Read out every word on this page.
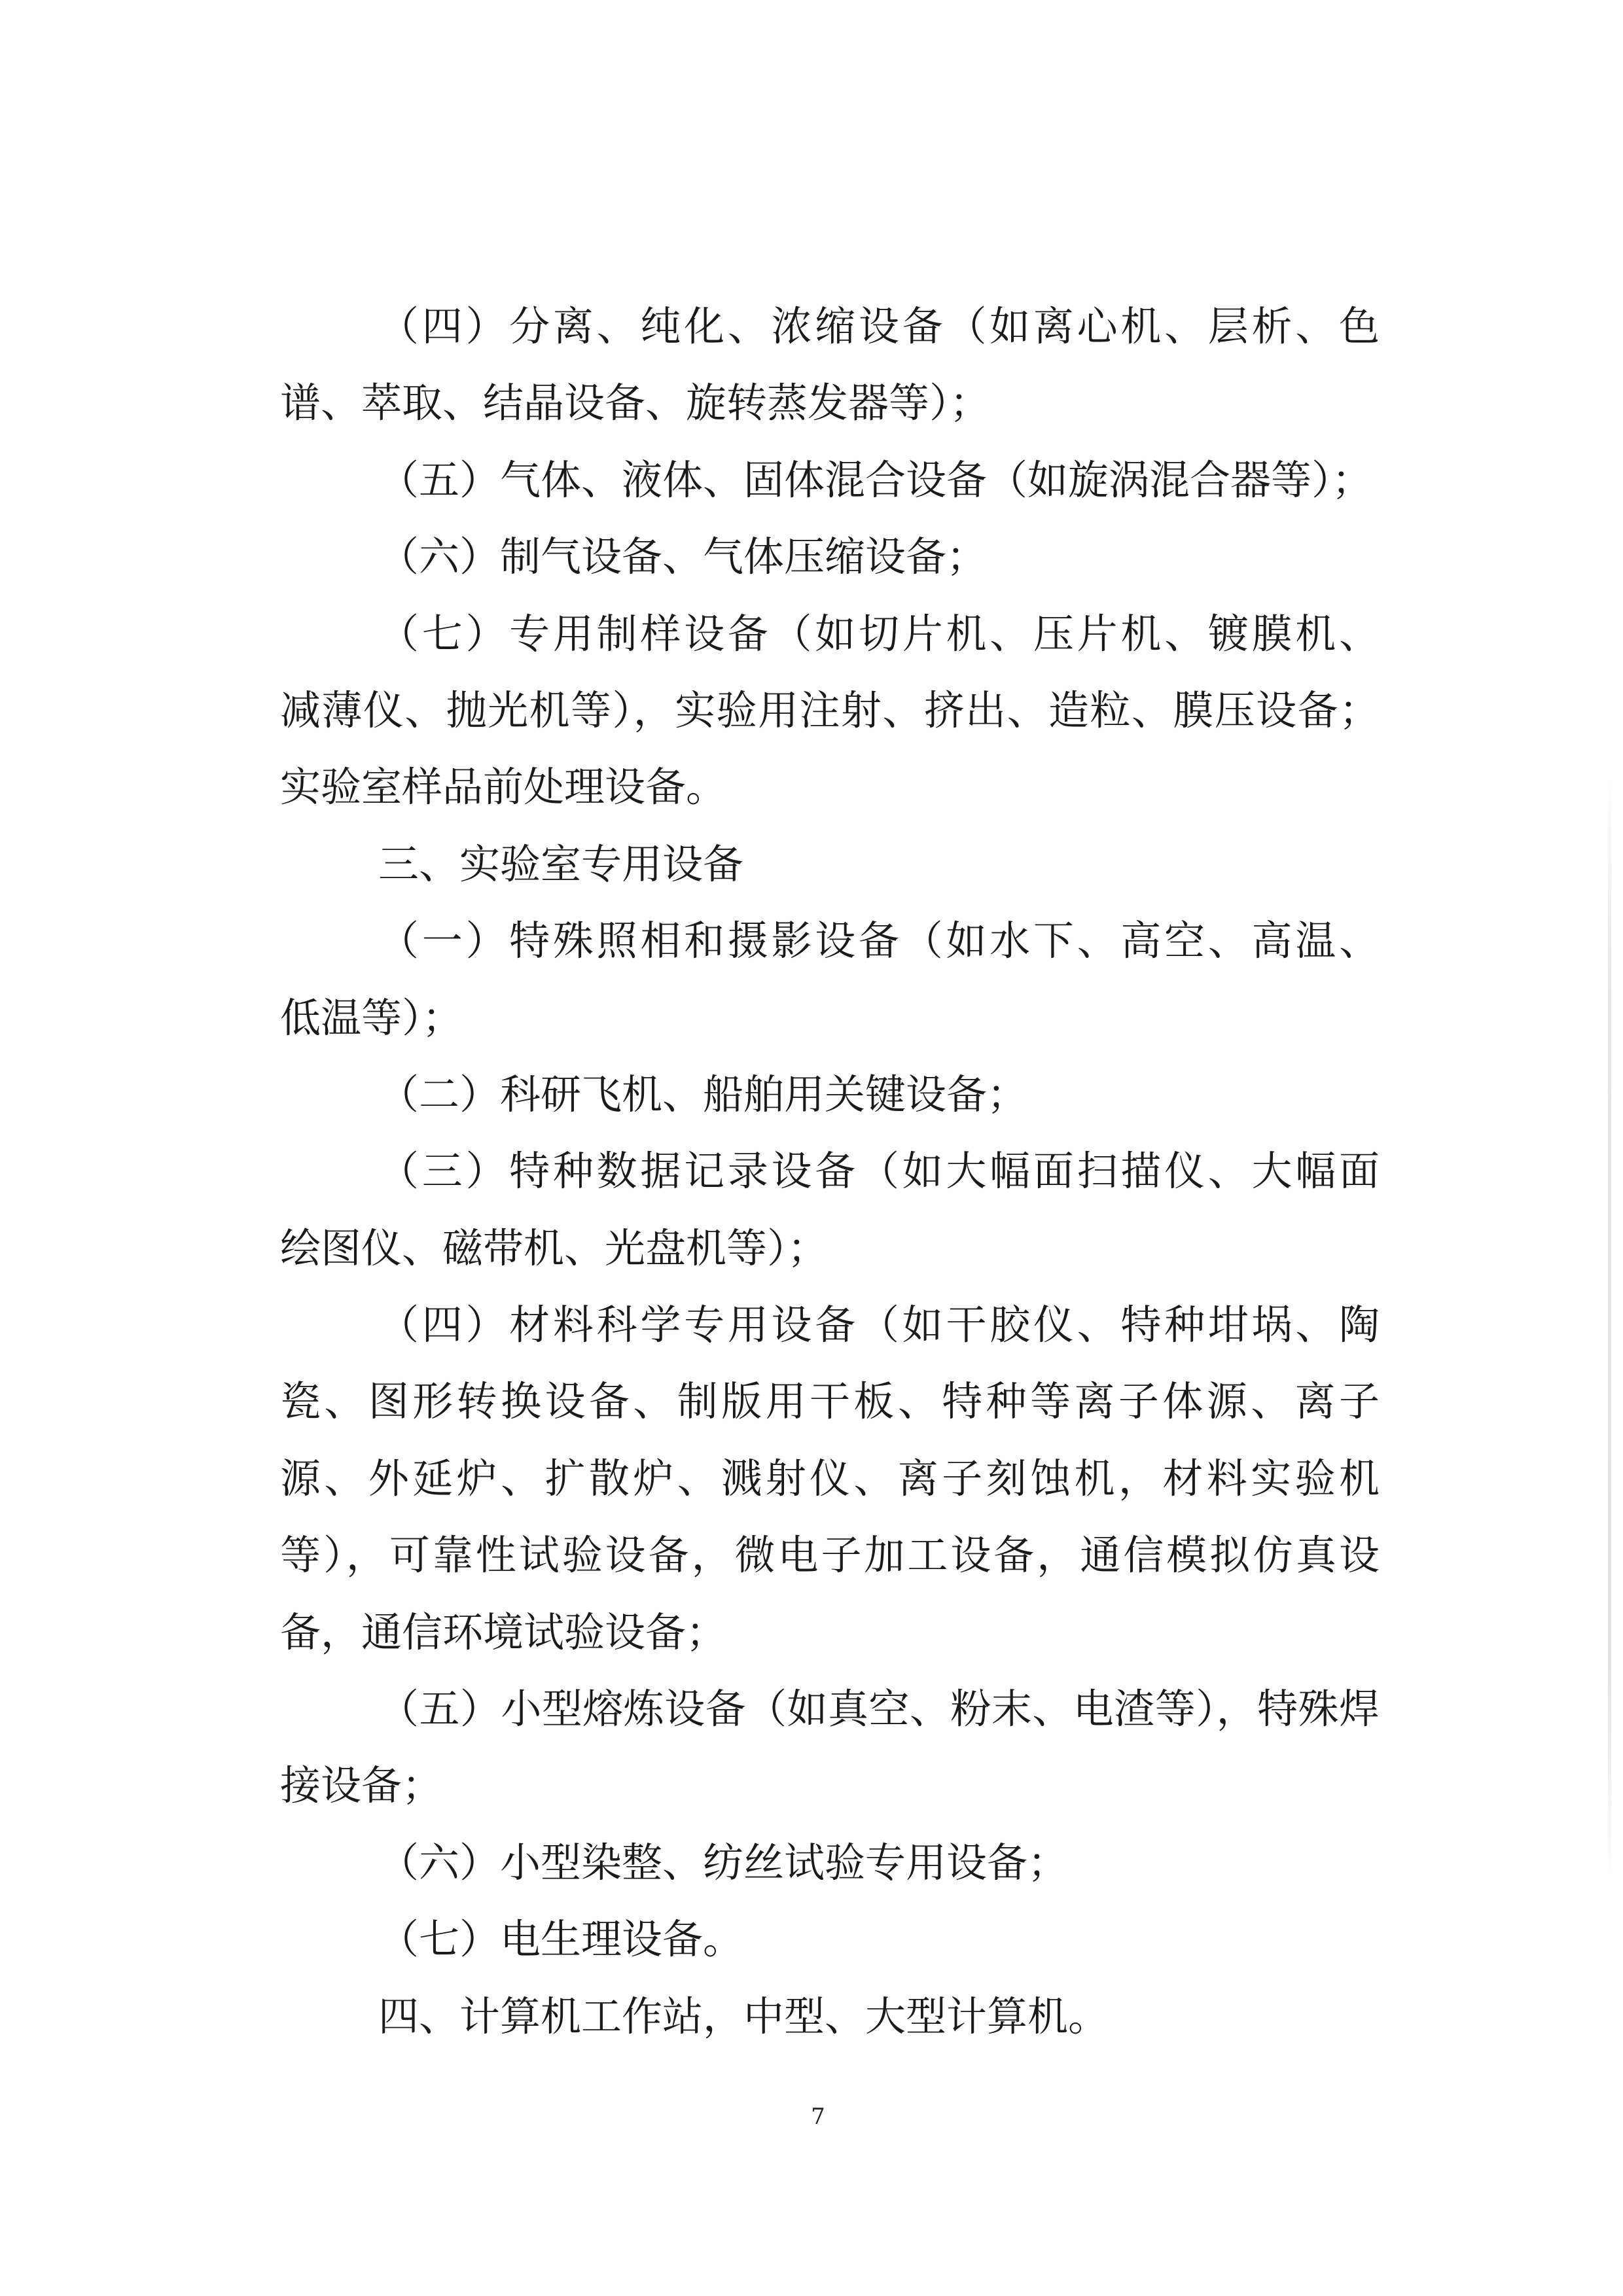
（四）分离、纯化、浓缩设备（如离心机、层析、色
谱、萃取、结晶设备、旋转蒸发器等）；
（五）气体、液体、固体混合设备（如旋涡混合器等）；
（六）制气设备、气体压缩设备；
（七）专用制样设备（如切片机、压片机、镀膜机、
减薄仪、抛光机等），实验用注射、挤出、造粒、膜压设备；
实验室样品前处理设备。
三、实验室专用设备
（一）特殊照相和摄影设备（如水下、高空、高温、
低温等）；
（二）科研飞机、船舶用关键设备；
（三）特种数据记录设备（如大幅面扫描仪、大幅面
绘图仪、磁带机、光盘机等）；
（四）材料科学专用设备（如干胶仪、特种坩埚、陶
瓷、图形转换设备、制版用干板、特种等离子体源、离子
源、外延炉、扩散炉、溅射仪、离子刻蚀机，材料实验机
等），可靠性试验设备，微电子加工设备，通信模拟仿真设
备，通信环境试验设备；
（五）小型熔炼设备（如真空、粉末、电渣等），特殊焊
接设备；
（六）小型染整、纺丝试验专用设备；
（七）电生理设备。
四、计算机工作站，中型、大型计算机。
7
